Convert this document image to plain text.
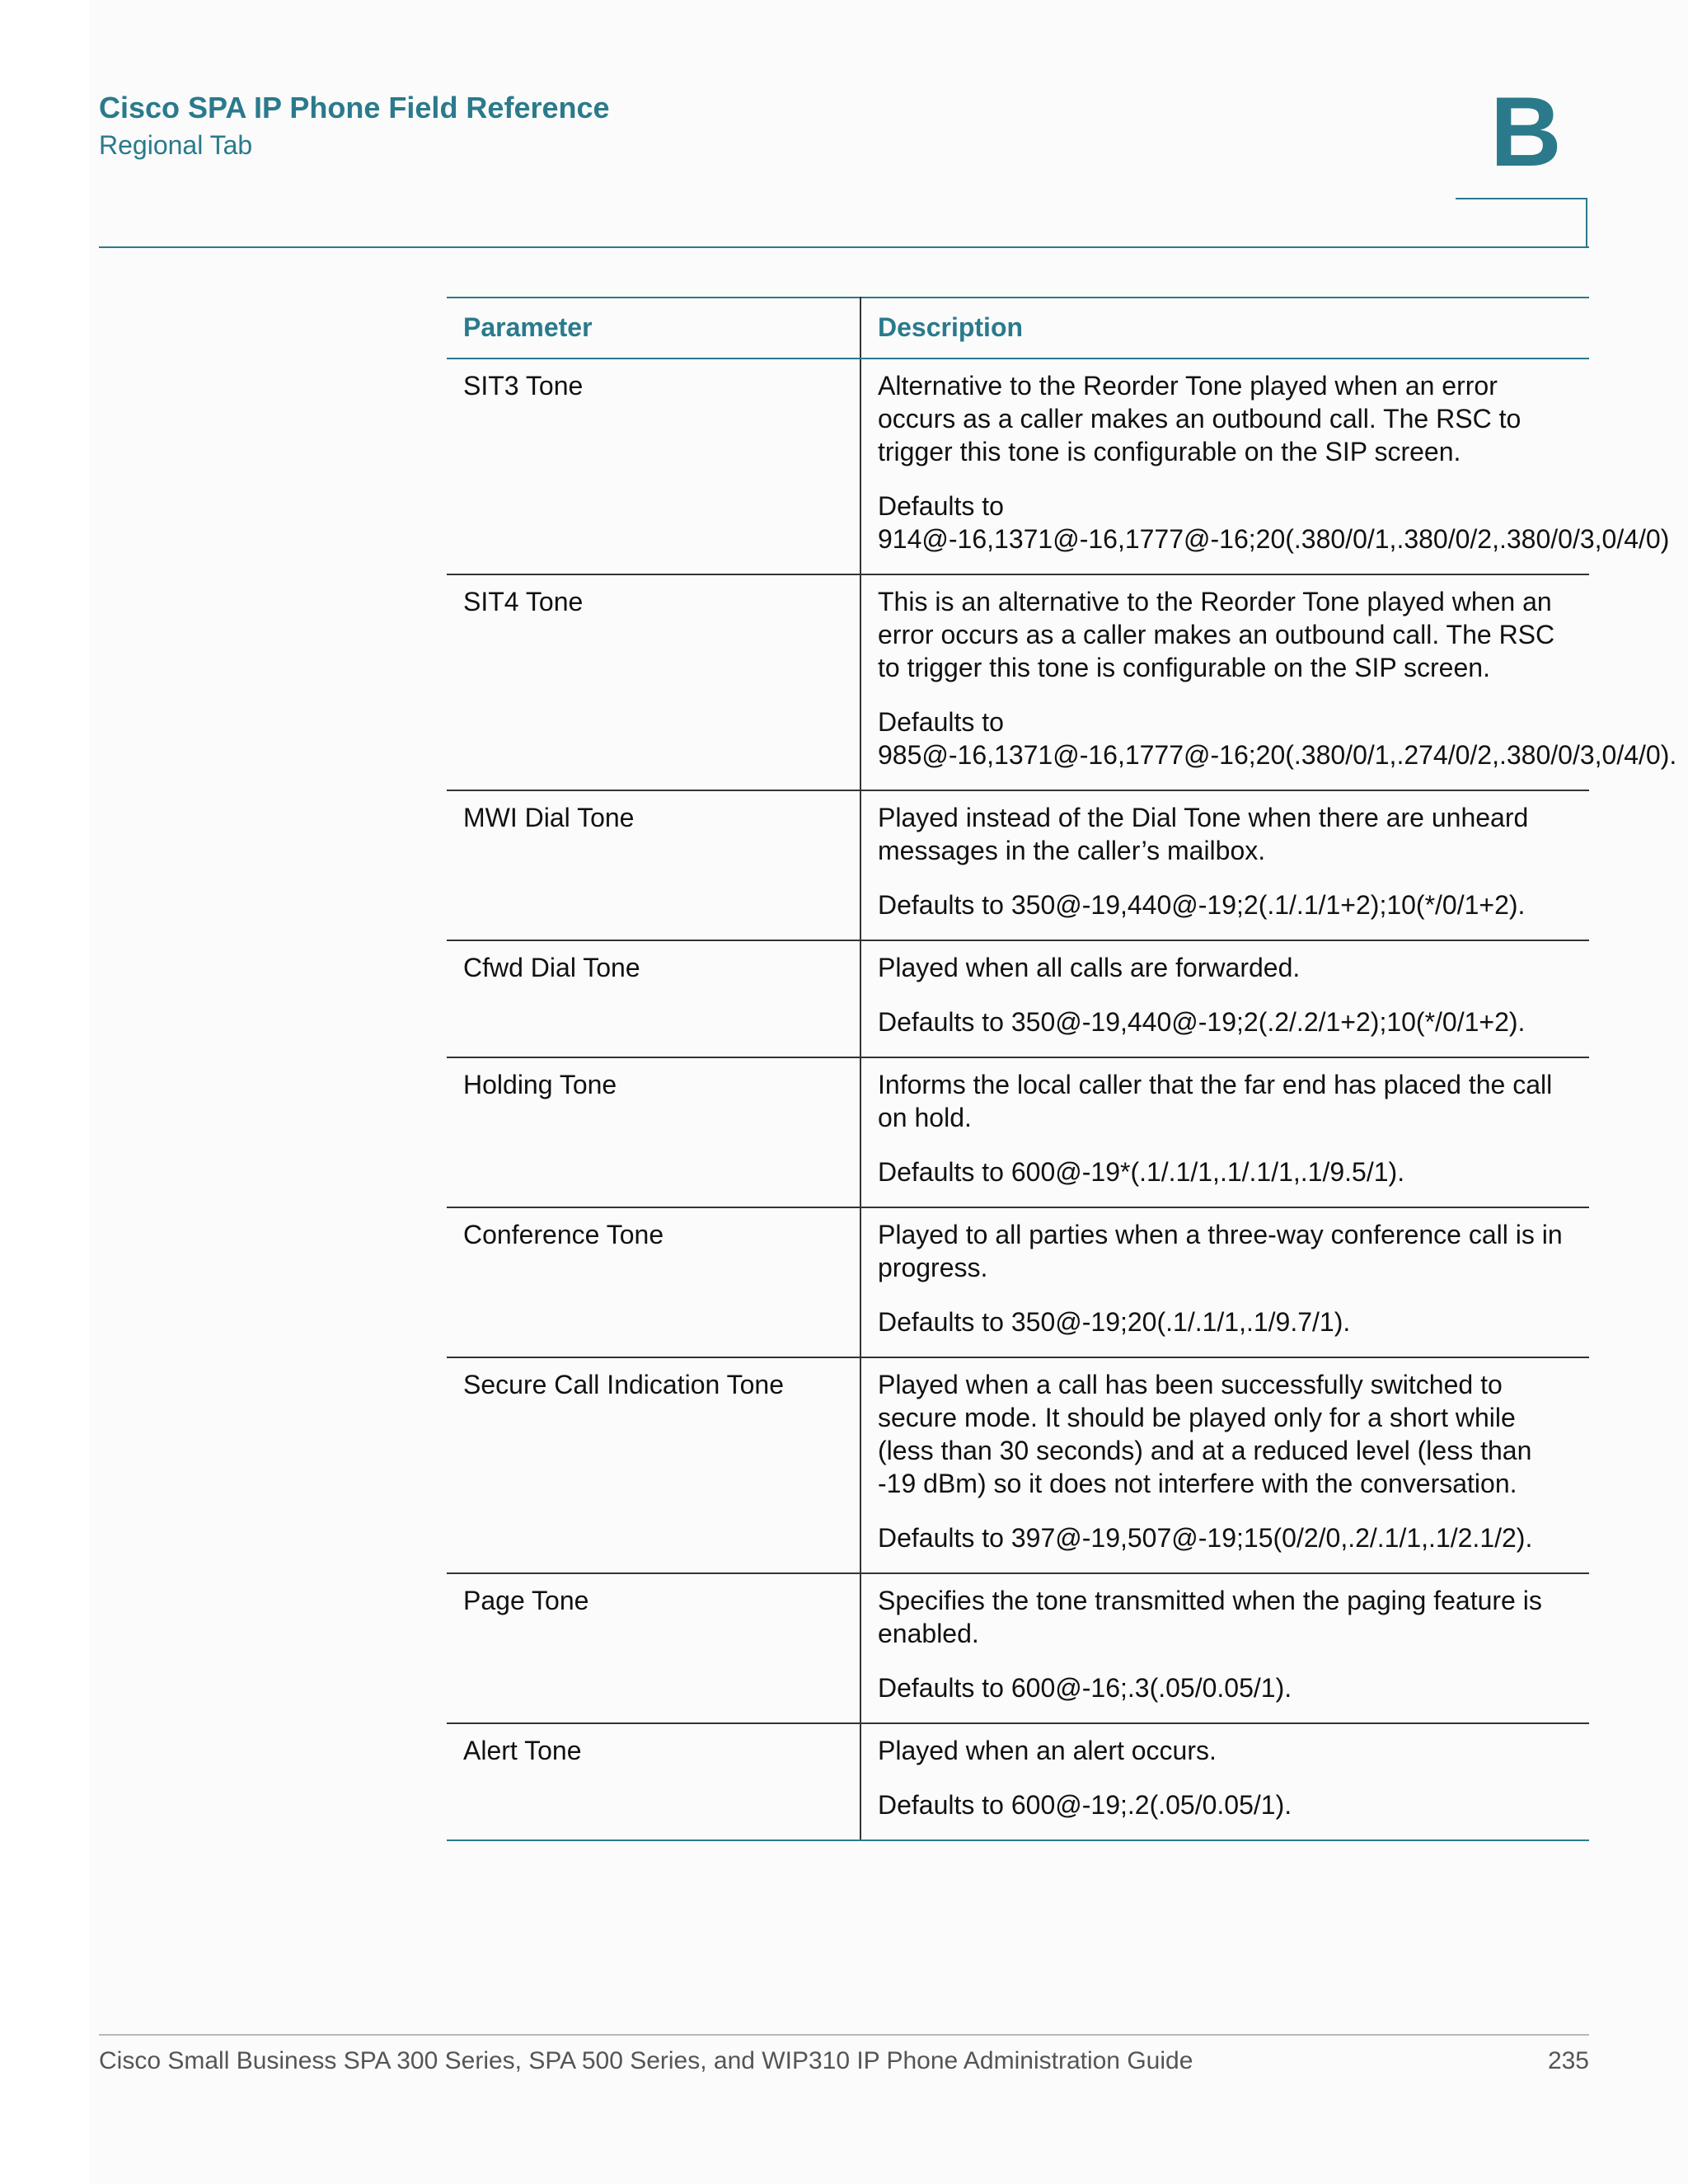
Cisco SPA IP Phone Field Reference

Regional Tab	B
Parameter	Description
SIT3 Tone	Alternative to the Reorder Tone played when an error occurs as a caller makes an outbound call. The RSC to trigger this tone is configurable on the SIP screen.

Defaults to 914@-16,1371@-16,1777@-16;20(.380/0/1,.380/0/2,.380/0/3,0/4/0)

SIT4 Tone	This is an alternative to the Reorder Tone played when an error occurs as a caller makes an outbound call. The RSC to trigger this tone is configurable on the SIP screen.

Defaults to 985@-16,1371@-16,1777@-16;20(.380/0/1,.274/0/2,.380/0/3,0/4/0).

MWI Dial Tone	Played instead of the Dial Tone when there are unheard messages in the caller’s mailbox.

Defaults to 350@-19,440@-19;2(.1/.1/1+2);10(*/0/1+2).

Cfwd Dial Tone	Played when all calls are forwarded.

Defaults to 350@-19,440@-19;2(.2/.2/1+2);10(*/0/1+2).

Holding Tone	Informs the local caller that the far end has placed the call on hold.

Defaults to 600@-19*(.1/.1/1,.1/.1/1,.1/9.5/1).

Conference Tone	Played to all parties when a three-way conference call is in progress.

Defaults to 350@-19;20(.1/.1/1,.1/9.7/1).

Secure Call Indication Tone	Played when a call has been successfully switched to secure mode. It should be played only for a short while (less than 30 seconds) and at a reduced level (less than -19 dBm) so it does not interfere with the conversation.

Defaults to 397@-19,507@-19;15(0/2/0,.2/.1/1,.1/2.1/2).

Page Tone	Specifies the tone transmitted when the paging feature is enabled.

Defaults to 600@-16;.3(.05/0.05/1).

Alert Tone	Played when an alert occurs.

Defaults to 600@-19;.2(.05/0.05/1).

Cisco Small Business SPA 300 Series, SPA 500 Series, and WIP310 IP Phone Administration Guide	235
